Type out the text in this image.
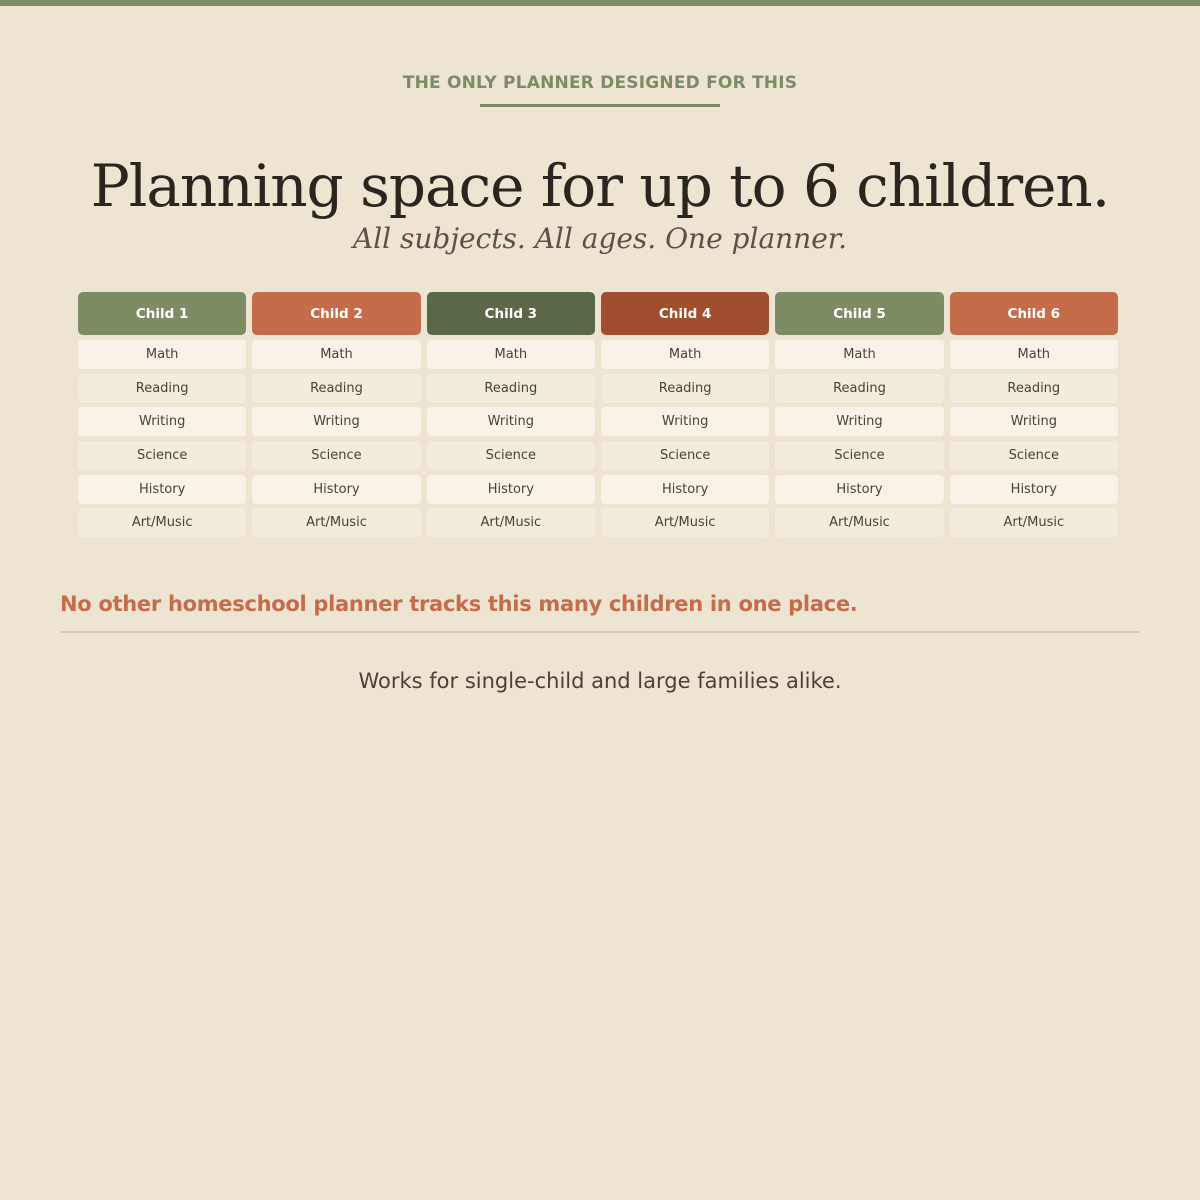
THE ONLY PLANNER DESIGNED FOR THIS
Planning space for up to 6 children.
All subjects. All ages. One planner.
Child 1
Math
Reading
Writing
Science
History
Art/Music
Child 2
Math
Reading
Writing
Science
History
Art/Music
Child 3
Math
Reading
Writing
Science
History
Art/Music
Child 4
Math
Reading
Writing
Science
History
Art/Music
Child 5
Math
Reading
Writing
Science
History
Art/Music
Child 6
Math
Reading
Writing
Science
History
Art/Music
No other homeschool planner tracks this many children in one place.
Works for single-child and large families alike.
